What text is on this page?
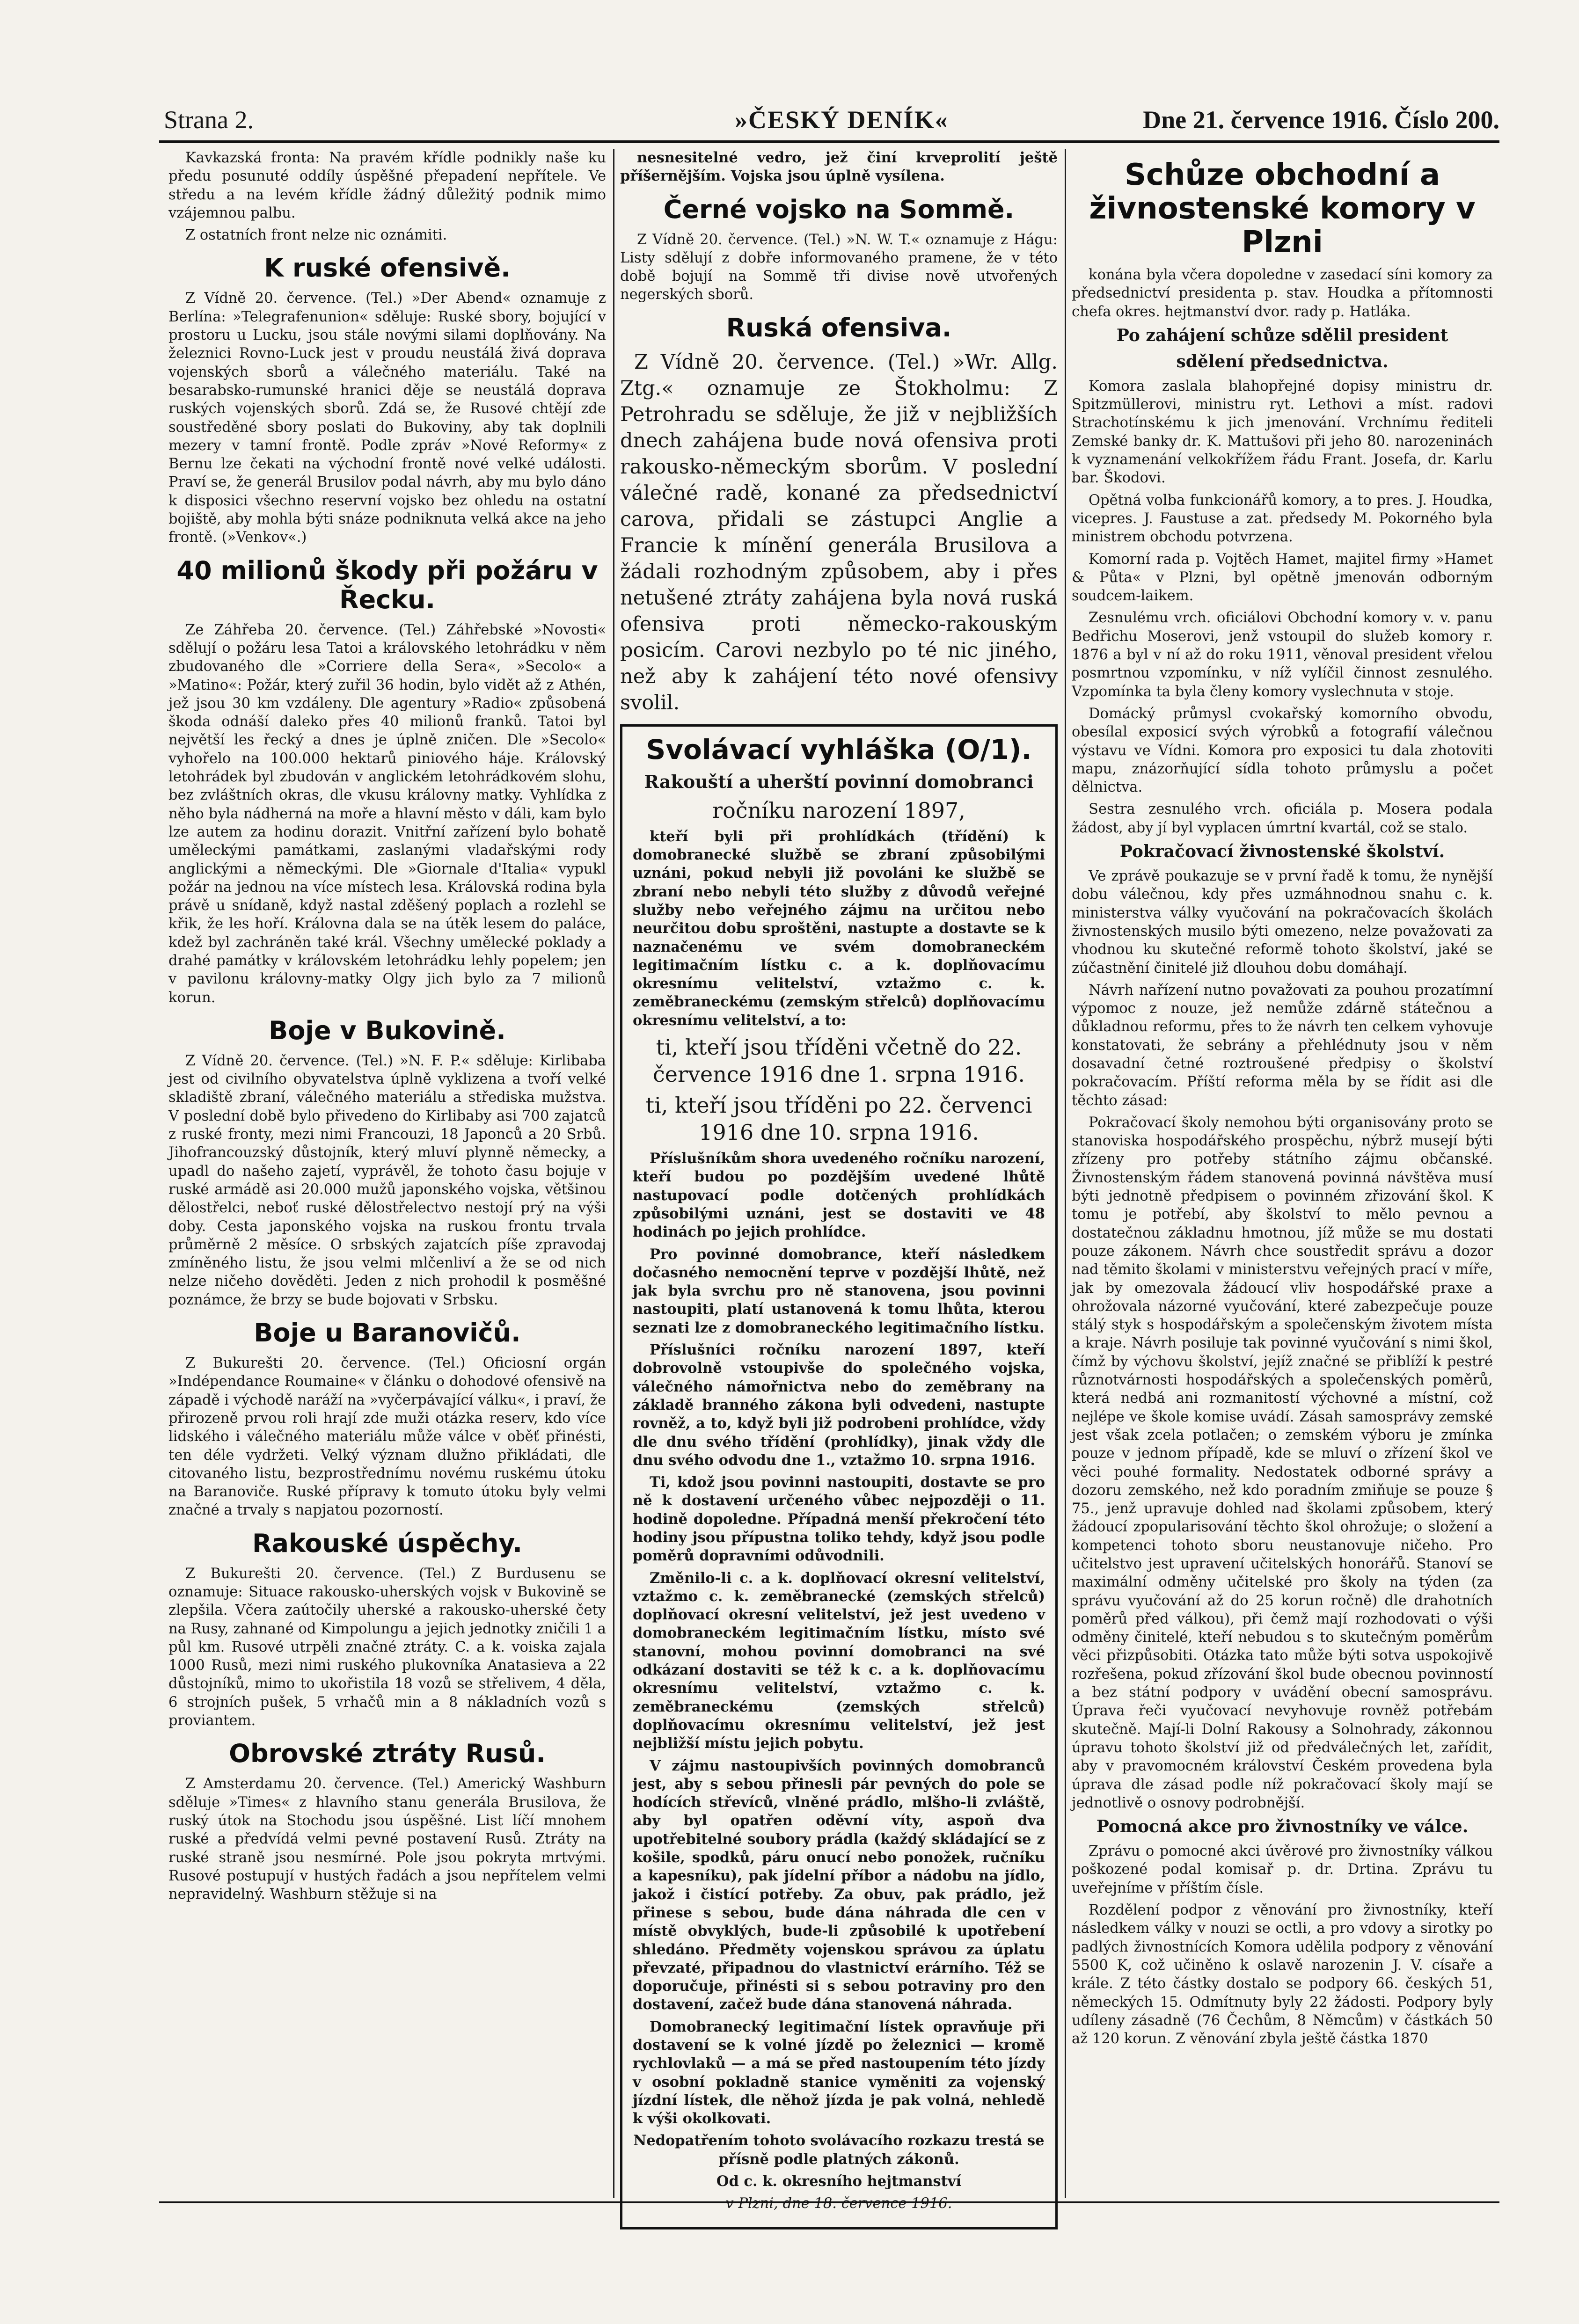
Strana 2.	»ČESKÝ DENÍK«	Dne 21. července 1916. Číslo 200.

Kavkazská fronta: Na pravém křídle podnikly naše ku předu posunuté oddíly úspěšné přepadení nepřítele. Ve středu a na levém křídle žádný důležitý podnik mimo vzájemnou palbu.

Z ostatních front nelze nic oznámiti.

K ruské ofensivě.

Z Vídně 20. července. (Tel.) »Der Abend« oznamuje z Berlína: »Telegrafenunion« sděluje: Ruské sbory, bojující v prostoru u Lucku, jsou stále novými silami doplňovány. Na železnici Rovno-Luck jest v proudu neustálá živá doprava vojenských sborů a válečného materiálu. Také na besarabsko-rumunské hranici děje se neustálá doprava ruských vojenských sborů. Zdá se, že Rusové chtějí zde soustředěné sbory poslati do Bukoviny, aby tak doplnili mezery v tamní frontě. Podle zpráv »Nové Reformy« z Bernu lze čekati na východní frontě nové velké události. Praví se, že generál Brusilov podal návrh, aby mu bylo dáno k disposici všechno reservní vojsko bez ohledu na ostatní bojiště, aby mohla býti snáze podniknuta velká akce na jeho frontě. (»Venkov«.)

40 milionů škody při požáru v Řecku.

Ze Záhřeba 20. července. (Tel.) Záhřebské »Novosti« sdělují o požáru lesa Tatoi a královského letohrádku v něm zbudovaného dle »Corriere della Sera«, »Secolo« a »Matino«: Požár, který zuřil 36 hodin, bylo vidět až z Athén, jež jsou 30 km vzdáleny. Dle agentury »Radio« způsobená škoda odnáší daleko přes 40 milionů franků. Tatoi byl největší les řecký a dnes je úplně zničen. Dle »Secolo« vyhořelo na 100.000 hektarů piniového háje. Královský letohrádek byl zbudován v anglickém letohrádkovém slohu, bez zvláštních okras, dle vkusu královny matky. Vyhlídka z něho byla nádherná na moře a hlavní město v dáli, kam bylo lze autem za hodinu dorazit. Vnitřní zařízení bylo bohatě uměleckými památkami, zaslanými vladařskými rody anglickými a německými. Dle »Giornale d'Italia« vypukl požár na jednou na více místech lesa. Královská rodina byla právě u snídaně, když nastal zděšený poplach a rozlehl se křik, že les hoří. Královna dala se na útěk lesem do paláce, kdež byl zachráněn také král. Všechny umělecké poklady a drahé památky v královském letohrádku lehly popelem; jen v pavilonu královny-matky Olgy jich bylo za 7 milionů korun.

Boje v Bukovině.

Z Vídně 20. července. (Tel.) »N. F. P.« sděluje: Kirlibaba jest od civilního obyvatelstva úplně vyklizena a tvoří velké skladiště zbraní, válečného materiálu a střediska mužstva. V poslední době bylo přivedeno do Kirlibaby asi 700 zajatců z ruské fronty, mezi nimi Francouzi, 18 Japonců a 20 Srbů. Jihofrancouzský důstojník, který mluví plynně německy, a upadl do našeho zajetí, vyprávěl, že tohoto času bojuje v ruské armádě asi 20.000 mužů japonského vojska, většinou dělostřelci, neboť ruské dělostřelectvo nestojí prý na výši doby. Cesta japonského vojska na ruskou frontu trvala průměrně 2 měsíce. O srbských zajatcích píše zpravodaj zmíněného listu, že jsou velmi mlčenliví a že se od nich nelze ničeho dověděti. Jeden z nich prohodil k posměšné poznámce, že brzy se bude bojovati v Srbsku.

Boje u Baranovičů.

Z Bukurešti 20. července. (Tel.) Oficiosní orgán »Indépendance Roumaine« v článku o dohodové ofensivě na západě i východě naráží na »vyčerpávající válku«, i praví, že přirozeně prvou roli hrají zde muži otázka reserv, kdo více lidského i válečného materiálu může válce v oběť přinésti, ten déle vydržeti. Velký význam dlužno přikládati, dle citovaného listu, bezprostřednímu novému ruskému útoku na Baranoviče. Ruské přípravy k tomuto útoku byly velmi značné a trvaly s napjatou pozorností.

Rakouské úspěchy.

Z Bukurešti 20. července. (Tel.) Z Burdusenu se oznamuje: Situace rakousko-uherských vojsk v Bukovině se zlepšila. Včera zaútočily uherské a rakousko-uherské čety na Rusy, zahnané od Kimpolungu a jejich jednotky zničili 1 a půl km. Rusové utrpěli značné ztráty. C. a k. voiska zajala 1000 Rusů, mezi nimi ruského plukovníka Anatasieva a 22 důstojníků, mimo to ukořistila 18 vozů se střelivem, 4 děla, 6 strojních pušek, 5 vrhačů min a 8 nákladních vozů s proviantem.

Obrovské ztráty Rusů.

Z Amsterdamu 20. července. (Tel.) Americký Washburn sděluje »Times« z hlavního stanu generála Brusilova, že ruský útok na Stochodu jsou úspěšné. List líčí mnohem ruské a předvídá velmi pevné postavení Rusů. Ztráty na ruské straně jsou nesmírné. Pole jsou pokryta mrtvými. Rusové postupují v hustých řadách a jsou nepřítelem velmi nepravidelný. Washburn stěžuje si na

nesnesitelné vedro, jež činí krveprolití ještě příšernějším. Vojska jsou úplně vysílena.

Černé vojsko na Sommě.

Z Vídně 20. července. (Tel.) »N. W. T.« oznamuje z Hágu: Listy sdělují z dobře informovaného pramene, že v této době bojují na Sommě tři divise nově utvořených negerských sborů.

Ruská ofensiva.

Z Vídně 20. července. (Tel.) »Wr. Allg. Ztg.« oznamuje ze Štokholmu: Z Petrohradu se sděluje, že již v nejbližších dnech zahájena bude nová ofensiva proti rakousko-německým sborům. V poslední válečné radě, konané za předsednictví carova, přidali se zástupci Anglie a Francie k mínění generála Brusilova a žádali rozhodným způsobem, aby i přes netušené ztráty zahájena byla nová ruská ofensiva proti německo-rakouským posicím. Carovi nezbylo po té nic jiného, než aby k zahájení této nové ofensivy svolil.

Svolávací vyhláška (O/1).

Rakouští a uherští povinní domobranci

ročníku narození 1897,

kteří byli při prohlídkách (třídění) k domobranecké službě se zbraní způsobilými uznáni, pokud nebyli již povoláni ke službě se zbraní nebo nebyli této služby z důvodů veřejné služby nebo veřejného zájmu na určitou nebo neurčitou dobu sproštěni, nastupte a dostavte se k naznačenému ve svém domobraneckém legitimačním lístku c. a k. doplňovacímu okresnímu velitelství, vztažmo c. k. zeměbraneckému (zemským střelců) doplňovacímu okresnímu velitelství, a to:

ti, kteří jsou tříděni včetně do 22. července 1916 dne 1. srpna 1916.

ti, kteří jsou tříděni po 22. červenci 1916 dne 10. srpna 1916.

Příslušníkům shora uvedeného ročníku narození, kteří budou po pozdějším uvedené lhůtě nastupovací podle dotčených prohlídkách způsobilými uznáni, jest se dostaviti ve 48 hodinách po jejich prohlídce.

Pro povinné domobrance, kteří následkem dočasného nemocnění teprve v pozdější lhůtě, než jak byla svrchu pro ně stanovena, jsou povinni nastoupiti, platí ustanovená k tomu lhůta, kterou seznati lze z domobraneckého legitimačního lístku.

Příslušníci ročníku narození 1897, kteří dobrovolně vstoupivše do společného vojska, válečného námořnictva nebo do zeměbrany na základě branného zákona byli odvedeni, nastupte rovněž, a to, když byli již podrobeni prohlídce, vždy dle dnu svého třídění (prohlídky), jinak vždy dle dnu svého odvodu dne 1., vztažmo 10. srpna 1916.

Ti, kdož jsou povinni nastoupiti, dostavte se pro ně k dostavení určeného vůbec nejpozději o 11. hodině dopoledne. Případná menší překročení této hodiny jsou přípustna toliko tehdy, když jsou podle poměrů dopravními odůvodnili.

Změnilo-li c. a k. doplňovací okresní velitelství, vztažmo c. k. zeměbranecké (zemských střelců) doplňovací okresní velitelství, jež jest uvedeno v domobraneckém legitimačním lístku, místo své stanovní, mohou povinní domobranci na své odkázaní dostaviti se též k c. a k. doplňovacímu okresnímu velitelství, vztažmo c. k. zeměbraneckému (zemských střelců) doplňovacímu okresnímu velitelství, jež jest nejbližší místu jejich pobytu.

V zájmu nastoupivších povinných domobranců jest, aby s sebou přinesli pár pevných do pole se hodících střevíců, vlněné prádlo, mlšho-li zvláště, aby byl opatřen oděvní víty, aspoň dva upotřebitelné soubory prádla (každý skládající se z košile, spodků, páru onucí nebo ponožek, ručníku a kapesníku), pak jídelní příbor a nádobu na jídlo, jakož i čistící potřeby. Za obuv, pak prádlo, jež přinese s sebou, bude dána náhrada dle cen v místě obvyklých, bude-li způsobilé k upotřebení shledáno. Předměty vojenskou správou za úplatu převzaté, připadnou do vlastnictví erárního. Též se doporučuje, přinésti si s sebou potraviny pro den dostavení, začež bude dána stanovená náhrada.

Domobranecký legitimační lístek opravňuje při dostavení se k volné jízdě po železnici — kromě rychlovlaků — a má se před nastoupením této jízdy v osobní pokladně stanice vyměniti za vojenský jízdní lístek, dle něhož jízda je pak volná, nehledě k výši okolkovati.

Nedopatřením tohoto svolávacího rozkazu trestá se přísně podle platných zákonů.

Od c. k. okresního hejtmanství

v Plzni, dne 18. července 1916.

Schůze obchodní a živnostenské komory v Plzni

konána byla včera dopoledne v zasedací síni komory za předsednictví presidenta p. stav. Houdka a přítomnosti chefa okres. hejtmanství dvor. rady p. Hatláka.

Po zahájení schůze sdělil president
sdělení předsednictva.

Komora zaslala blahopřejné dopisy ministru dr. Spitzmüllerovi, ministru ryt. Lethovi a míst. radovi Strachotínskému k jich jmenování. Vrchnímu řediteli Zemské banky dr. K. Mattušovi při jeho 80. narozeninách k vyznamenání velkokřížem řádu Frant. Josefa, dr. Karlu bar. Škodovi.

Opětná volba funkcionářů komory, a to pres. J. Houdka, vicepres. J. Faustuse a zat. předsedy M. Pokorného byla ministrem obchodu potvrzena.

Komorní rada p. Vojtěch Hamet, majitel firmy »Hamet & Půta« v Plzni, byl opětně jmenován odborným soudcem-laikem.

Zesnulému vrch. oficiálovi Obchodní komory v. v. panu Bedřichu Moserovi, jenž vstoupil do služeb komory r. 1876 a byl v ní až do roku 1911, věnoval president vřelou posmrtnou vzpomínku, v níž vylíčil činnost zesnulého. Vzpomínka ta byla členy komory vyslechnuta v stoje.

Domácký průmysl cvokařský komorního obvodu, obesílal exposicí svých výrobků a fotografií válečnou výstavu ve Vídni. Komora pro exposici tu dala zhotoviti mapu, znázorňující sídla tohoto průmyslu a počet dělnictva.

Sestra zesnulého vrch. oficiála p. Mosera podala žádost, aby jí byl vyplacen úmrtní kvartál, což se stalo.

Pokračovací živnostenské školství.

Ve zprávě poukazuje se v první řadě k tomu, že nynější dobu válečnou, kdy přes uzmáhnodnou snahu c. k. ministerstva války vyučování na pokračovacích školách živnostenských musilo býti omezeno, nelze považovati za vhodnou ku skutečné reformě tohoto školství, jaké se zúčastnění činitelé již dlouhou dobu domáhají.

Návrh nařízení nutno považovati za pouhou prozatímní výpomoc z nouze, jež nemůže zdárně státečnou a důkladnou reformu, přes to že návrh ten celkem vyhovuje konstatovati, že sebrány a přehlédnuty jsou v něm dosavadní četné roztroušené předpisy o školství pokračovacím. Příští reforma měla by se řídit asi dle těchto zásad:

Pokračovací školy nemohou býti organisovány proto se stanoviska hospodářského prospěchu, nýbrž musejí býti zřízeny pro potřeby státního zájmu občanské. Živnostenským řádem stanovená povinná návštěva musí býti jednotně předpisem o povinném zřizování škol. K tomu je potřebí, aby školství to mělo pevnou a dostatečnou základnu hmotnou, jíž může se mu dostati pouze zákonem. Návrh chce soustředit správu a dozor nad těmito školami v ministerstvu veřejných prací v míře, jak by omezovala žádoucí vliv hospodářské praxe a ohrožovala názorné vyučování, které zabezpečuje pouze stálý styk s hospodářským a společenským životem místa a kraje. Návrh posiluje tak povinné vyučování s nimi škol, čímž by výchovu školství, jejíž značné se přiblíží k pestré různotvárnosti hospodářských a společenských poměrů, která nedbá ani rozmanitostí výchovné a místní, což nejlépe ve škole komise uvádí. Zásah samosprávy zemské jest však zcela potlačen; o zemském výboru je zmínka pouze v jednom případě, kde se mluví o zřízení škol ve věci pouhé formality. Nedostatek odborné správy a dozoru zemského, než kdo poradním zmiňuje se pouze § 75., jenž upravuje dohled nad školami způsobem, který žádoucí zpopularisování těchto škol ohrožuje; o složení a kompetenci tohoto sboru neustanovuje ničeho. Pro učitelstvo jest upravení učitelských honorářů. Stanoví se maximální odměny učitelské pro školy na týden (za správu vyučování až do 25 korun ročně) dle drahotních poměrů před válkou), při čemž mají rozhodovati o výši odměny činitelé, kteří nebudou s to skutečným poměrům věci přizpůsobiti. Otázka tato může býti sotva uspokojivě rozřešena, pokud zřízování škol bude obecnou povinností a bez státní podpory v uvádění obecní samosprávu. Úprava řeči vyučovací nevyhovuje rovněž potřebám skutečně. Mají-li Dolní Rakousy a Solnohrady, zákonnou úpravu tohoto školství již od předválečných let, zařídit, aby v pravomocném království Českém provedena byla úprava dle zásad podle níž pokračovací školy mají se jednotlivě o osnovy podrobnější.

Pomocná akce pro živnostníky ve válce.

Zprávu o pomocné akci úvěrové pro živnostníky válkou poškozené podal komisař p. dr. Drtina. Zprávu tu uveřejníme v příštím čísle.

Rozdělení podpor z věnování pro živnostníky, kteří následkem války v nouzi se octli, a pro vdovy a sirotky po padlých živnostnících Komora udělila podpory z věnování 5500 K, což učiněno k oslavě narozenin J. V. císaře a krále. Z této částky dostalo se podpory 66. českých 51, německých 15. Odmítnuty byly 22 žádosti. Podpory byly udíleny zásadně (76 Čechům, 8 Němcům) v částkách 50 až 120 korun. Z věnování zbyla ještě částka 1870
